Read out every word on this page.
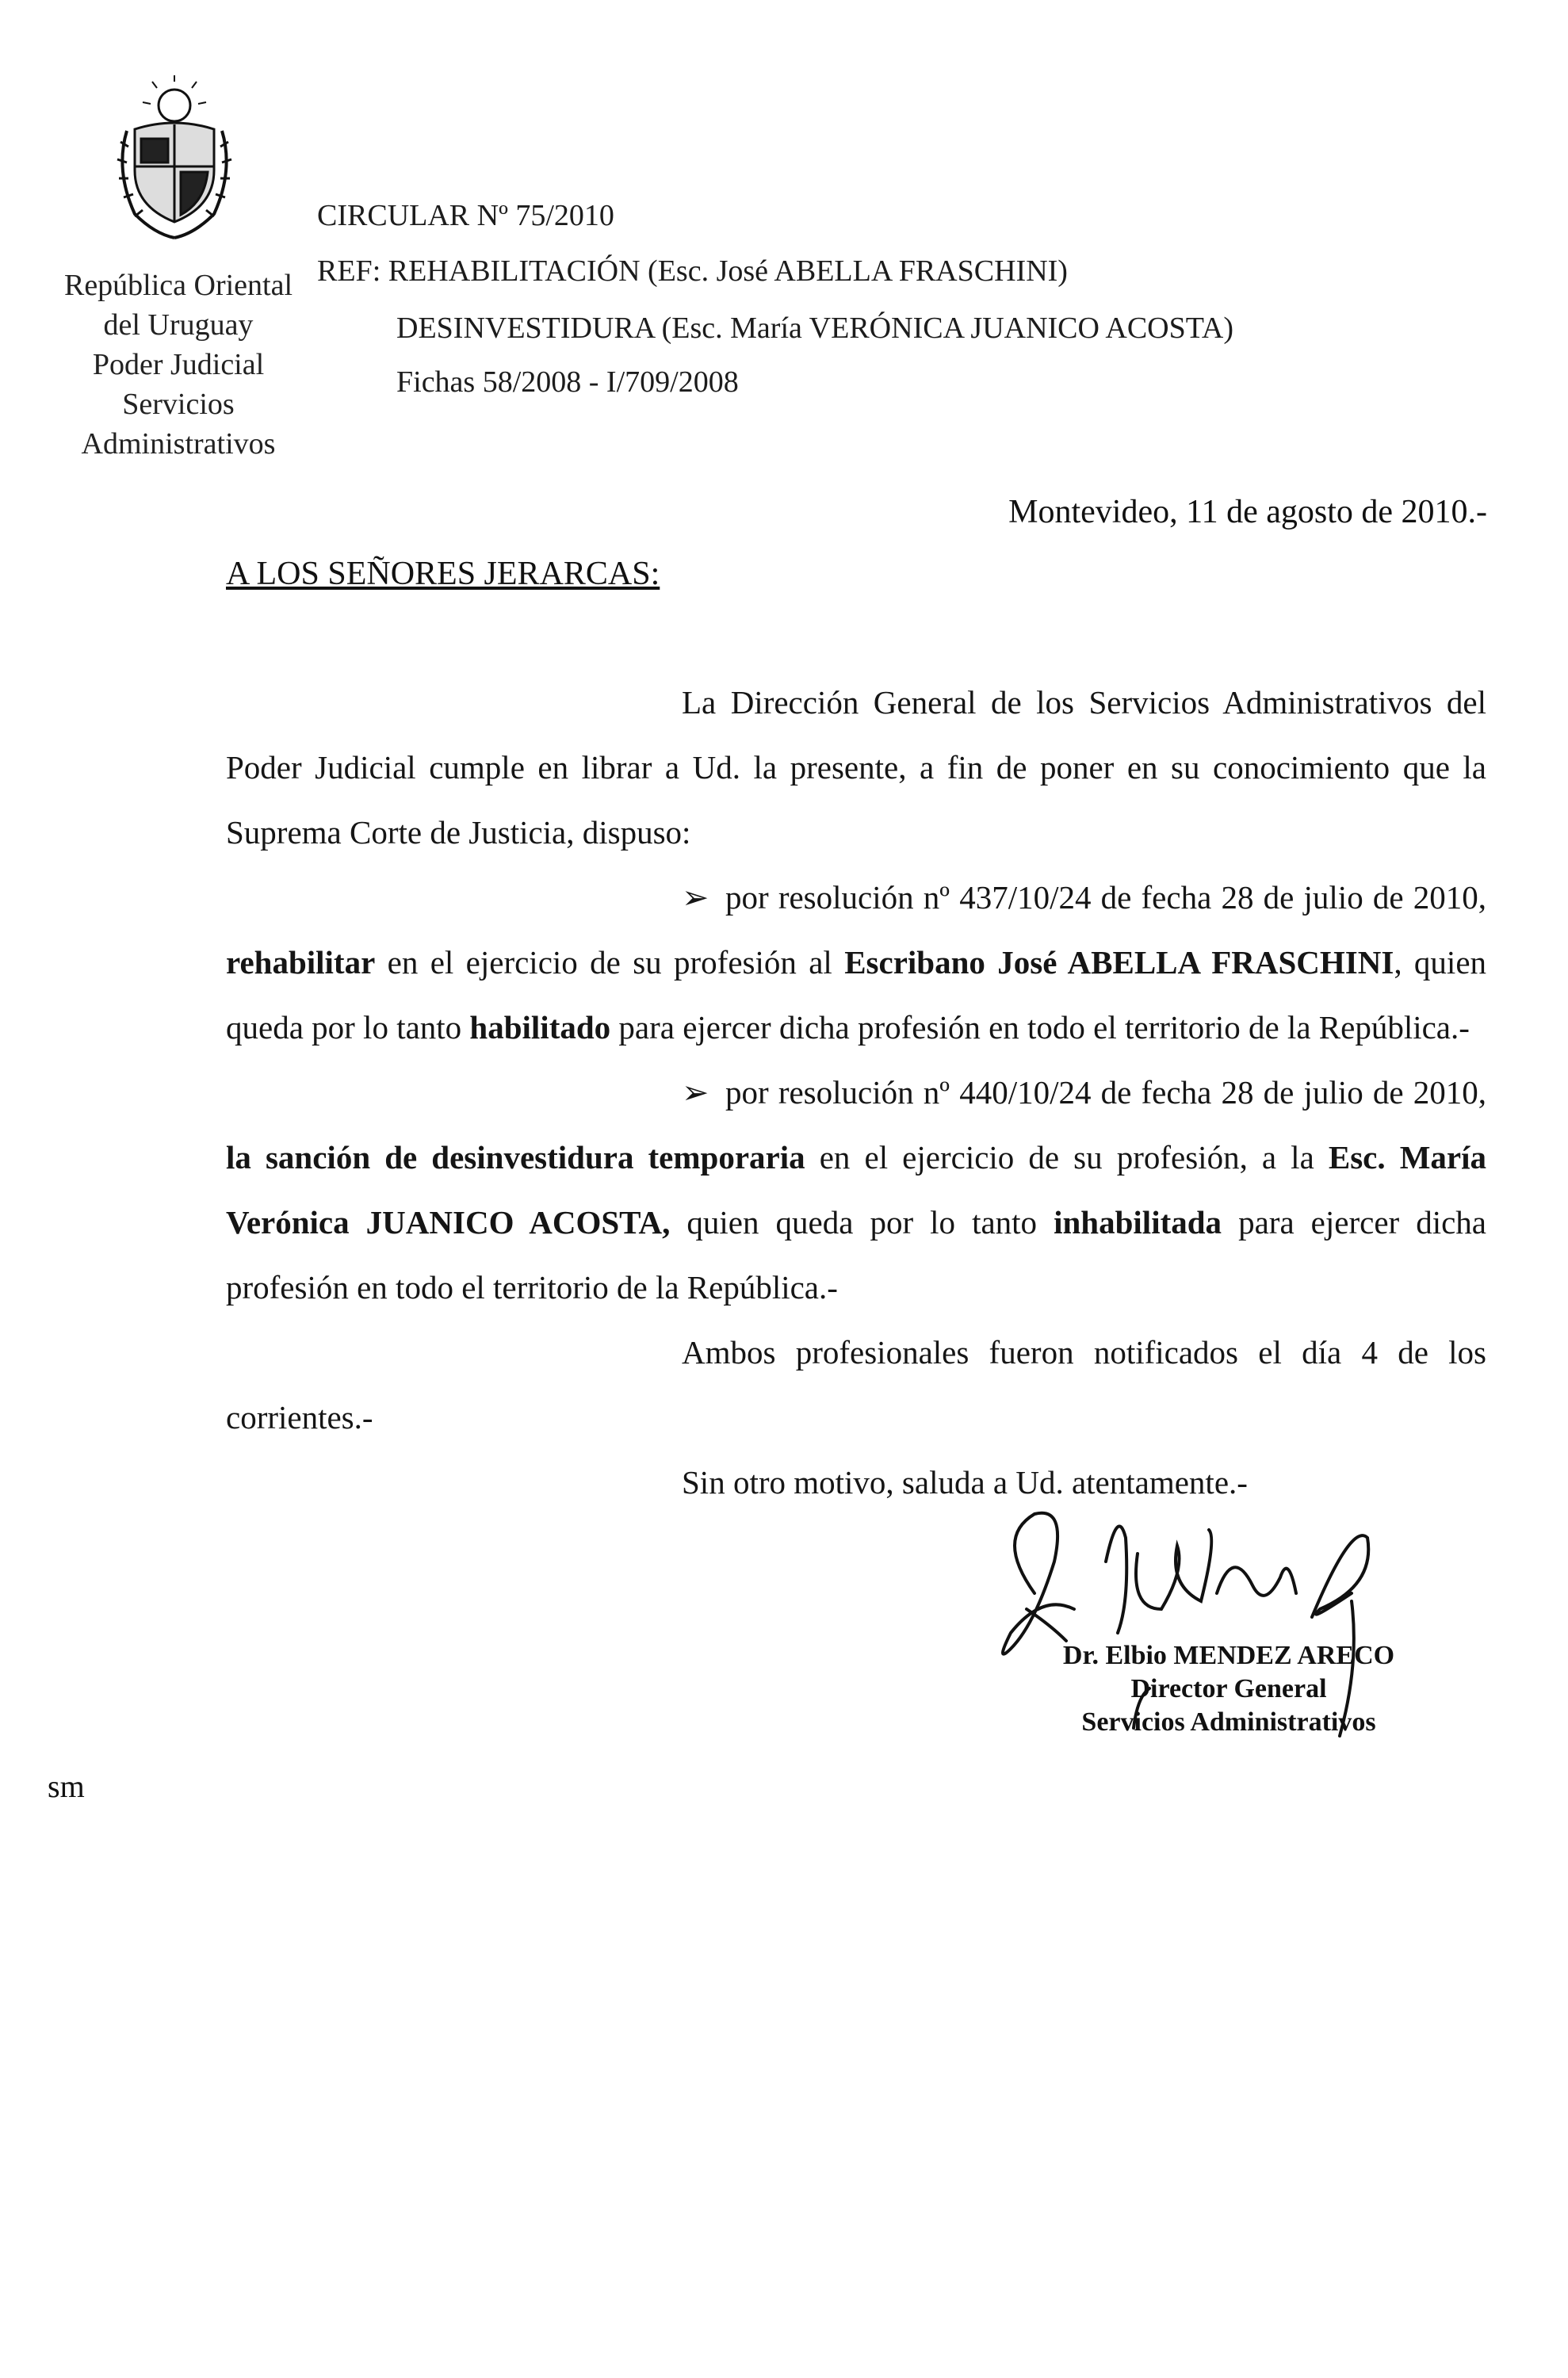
República Oriental
del Uruguay
Poder Judicial
Servicios
Administrativos
CIRCULAR Nº 75/2010
REF: REHABILITACIÓN (Esc. José ABELLA FRASCHINI)
DESINVESTIDURA (Esc. María VERÓNICA JUANICO ACOSTA)
Fichas 58/2008 - I/709/2008
Montevideo, 11 de agosto de 2010.-
A LOS SEÑORES JERARCAS:

La Dirección General de los Servicios Administrativos del Poder Judicial cumple en librar a Ud. la presente, a fin de poner en su conocimiento que la Suprema Corte de Justicia, dispuso:

➢ por resolución nº 437/10/24 de fecha 28 de julio de 2010, rehabilitar en el ejercicio de su profesión al Escribano José ABELLA FRASCHINI, quien queda por lo tanto habilitado para ejercer dicha profesión en todo el territorio de la República.-

➢ por resolución nº 440/10/24 de fecha 28 de julio de 2010, la sanción de desinvestidura temporaria en el ejercicio de su profesión, a la Esc. María Verónica JUANICO ACOSTA, quien queda por lo tanto inhabilitada para ejercer dicha profesión en todo el territorio de la República.-

Ambos profesionales fueron notificados el día 4 de los corrientes.-

Sin otro motivo, saluda a Ud. atentamente.-

Dr. Elbio MENDEZ ARECO
Director General
Servicios Administrativos
sm
